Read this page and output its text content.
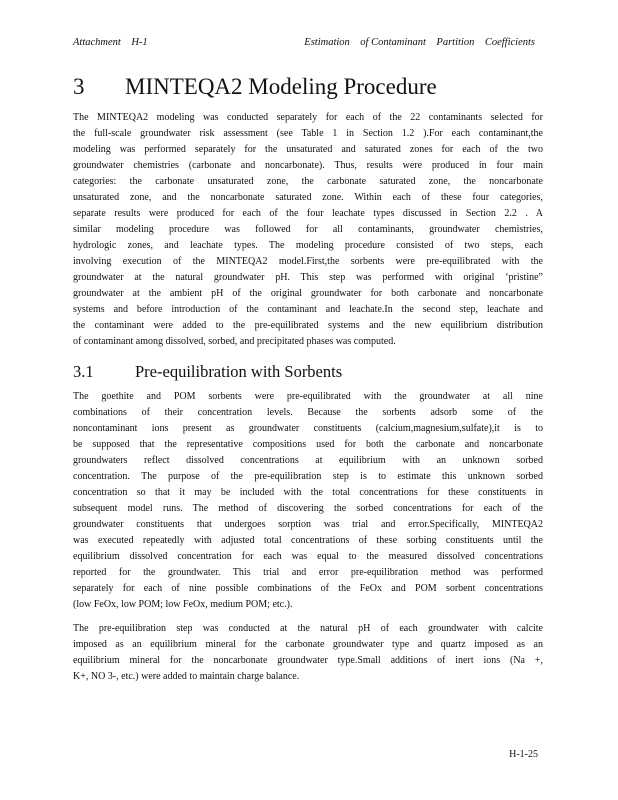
Attachment    H-1	Estimation    of Contaminant    Partition    Coefficients
3 MINTEQA2 Modeling Procedure
The MINTEQA2 modeling was conducted separately for each of the 22 contaminants selected for
the full-scale groundwater risk assessment (see Table 1 in Section 1.2 ).For each contaminant,the
modeling was performed separately for the unsaturated and saturated zones for each of the two
groundwater chemistries (carbonate and noncarbonate). Thus, results were produced in four main
categories: the carbonate unsaturated zone, the carbonate saturated zone, the noncarbonate
unsaturated zone, and the noncarbonate saturated zone. Within each of these four categories,
separate results were produced for each of the four leachate types discussed in Section 2.2 . A
similar modeling procedure was followed for all contaminants, groundwater chemistries,
hydrologic zones, and leachate types. The modeling procedure consisted of two steps, each
involving execution of the MINTEQA2 model.First,the sorbents were pre-equilibrated with the
groundwater at the natural groundwater pH. This step was performed with original ‘pristine”
groundwater at the ambient pH of the original groundwater for both carbonate and noncarbonate
systems and before introduction of the contaminant and leachate.In the second step, leachate and
the contaminant were added to the pre-equilibrated systems and the new equilibrium distribution
of contaminant among dissolved, sorbed, and precipitated phases was computed.
3.1	Pre-equilibration with Sorbents
The goethite and POM sorbents were pre-equilibrated with the groundwater at all nine
combinations of their concentration levels. Because the sorbents adsorb some of the
noncontaminant ions present as groundwater constituents (calcium,magnesium,sulfate),it is to
be supposed that the representative compositions used for both the carbonate and noncarbonate
groundwaters reflect dissolved concentrations at equilibrium with an unknown sorbed
concentration. The purpose of the pre-equilibration step is to estimate this unknown sorbed
concentration so that it may be included with the total concentrations for these constituents in
subsequent model runs. The method of discovering the sorbed concentrations for each of the
groundwater constituents that undergoes sorption was trial and error.Specifically, MINTEQA2
was executed repeatedly with adjusted total concentrations of these sorbing constituents until the
equilibrium dissolved concentration for each was equal to the measured dissolved concentrations
reported for the groundwater. This trial and error pre-equilibration method was performed
separately for each of nine possible combinations of the FeOx and POM sorbent concentrations
(low FeOx, low POM; low FeOx, medium POM; etc.).
The pre-equilibration step was conducted at the natural pH of each groundwater with calcite
imposed as an equilibrium mineral for the carbonate groundwater type and quartz imposed as an
equilibrium mineral for the noncarbonate groundwater type.Small additions of inert ions (Na +,
K+, NO 3-, etc.) were added to maintain charge balance.
H-1-25
